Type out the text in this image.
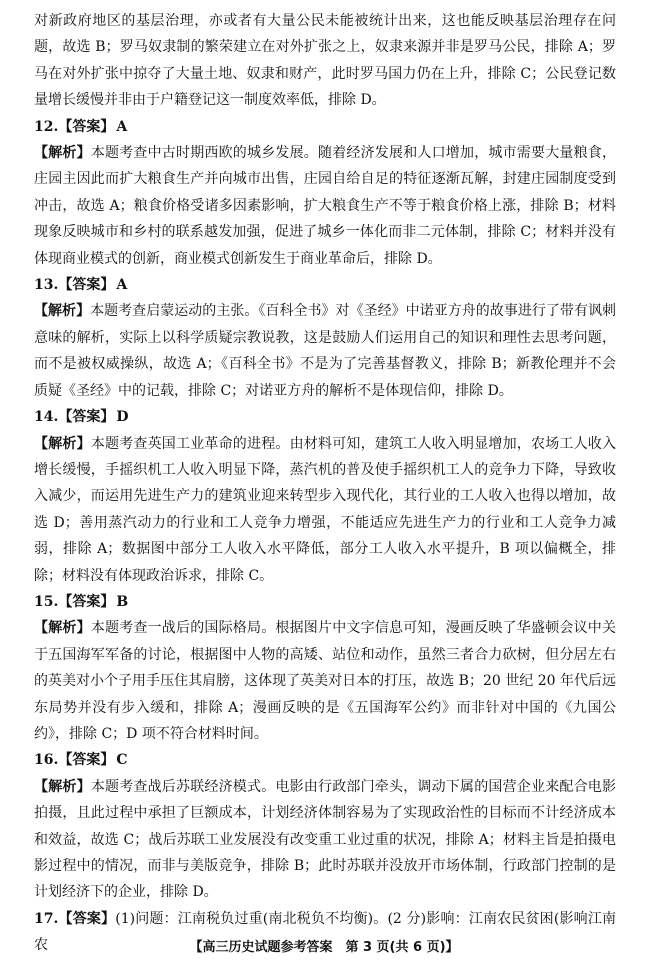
对新政府地区的基层治理，亦或者有大量公民未能被统计出来，这也能反映基层治理存在问题，故选 B；罗马奴隶制的繁荣建立在对外扩张之上，奴隶来源并非是罗马公民，排除 A；罗马在对外扩张中掠夺了大量土地、奴隶和财产，此时罗马国力仍在上升，排除 C；公民登记数量增长缓慢并非由于户籍登记这一制度效率低，排除 D。

12.【答案】 A

【解析】本题考查中古时期西欧的城乡发展。随着经济发展和人口增加，城市需要大量粮食，庄园主因此而扩大粮食生产并向城市出售，庄园自给自足的特征逐渐瓦解，封建庄园制度受到冲击，故选 A；粮食价格受诸多因素影响，扩大粮食生产不等于粮食价格上涨，排除 B；材料现象反映城市和乡村的联系越发加强，促进了城乡一体化而非二元体制，排除 C；材料并没有体现商业模式的创新，商业模式创新发生于商业革命后，排除 D。

13.【答案】 A

【解析】本题考查启蒙运动的主张。《百科全书》对《圣经》中诺亚方舟的故事进行了带有讽刺意味的解析，实际上以科学质疑宗教说教，这是鼓励人们运用自己的知识和理性去思考问题，而不是被权威操纵，故选 A；《百科全书》不是为了完善基督教义，排除 B；新教伦理并不会质疑《圣经》中的记载，排除 C；对诺亚方舟的解析不是体现信仰，排除 D。

14.【答案】 D

【解析】本题考查英国工业革命的进程。由材料可知，建筑工人收入明显增加，农场工人收入增长缓慢，手摇织机工人收入明显下降，蒸汽机的普及使手摇织机工人的竞争力下降，导致收入减少，而运用先进生产力的建筑业迎来转型步入现代化，其行业的工人收入也得以增加，故选 D；善用蒸汽动力的行业和工人竞争力增强，不能适应先进生产力的行业和工人竞争力减弱，排除 A；数据图中部分工人收入水平降低，部分工人收入水平提升，B 项以偏概全，排除；材料没有体现政治诉求，排除 C。

15.【答案】 B

【解析】本题考查一战后的国际格局。根据图片中文字信息可知，漫画反映了华盛顿会议中关于五国海军军备的讨论，根据图中人物的高矮、站位和动作，虽然三者合力砍树，但分居左右的英美对小个子用手压住其肩膀，这体现了英美对日本的打压，故选 B；20 世纪 20 年代后远东局势并没有步入缓和，排除 A；漫画反映的是《五国海军公约》而非针对中国的《九国公约》，排除 C；D 项不符合材料时间。

16.【答案】 C

【解析】本题考查战后苏联经济模式。电影由行政部门牵头，调动下属的国营企业来配合电影拍摄，且此过程中承担了巨额成本，计划经济体制容易为了实现政治性的目标而不计经济成本和效益，故选 C；战后苏联工业发展没有改变重工业过重的状况，排除 A；材料主旨是拍摄电影过程中的情况，而非与美版竞争，排除 B；此时苏联并没放开市场体制，行政部门控制的是计划经济下的企业，排除 D。

17.【答案】(1)问题：江南税负过重(南北税负不均衡)。(2 分)影响：江南农民贫困(影响江南农	【高三历史试题参考答案　第 3 页(共 6 页)】
